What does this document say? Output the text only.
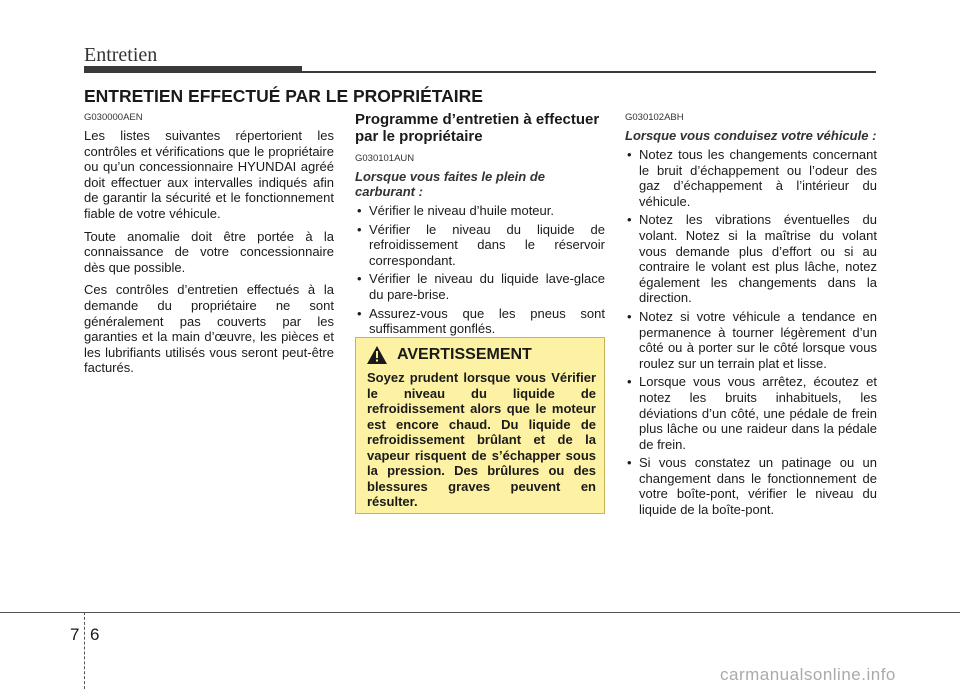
Entretien
ENTRETIEN EFFECTUÉ PAR LE PROPRIÉTAIRE
G030000AEN

Les listes suivantes répertorient les contrôles et vérifications que le propriétaire ou qu’un concessionnaire HYUNDAI agréé doit effectuer aux intervalles indiqués afin de garantir la sécurité et le fonctionnement fiable de votre véhicule.

Toute anomalie doit être portée à la connaissance de votre concessionnaire dès que possible.

Ces contrôles d’entretien effectués à la demande du propriétaire ne sont généralement pas couverts par les garanties et la main d’œuvre, les pièces et les lubrifiants utilisés vous seront peut-être facturés.

Programme d’entretien à effectuer par le propriétaire
G030101AUN
Lorsque vous faites le plein de carburant :
• Vérifier le niveau d’huile moteur.
• Vérifier le niveau du liquide de refroidissement dans le réservoir correspondant.
• Vérifier le niveau du liquide lave-glace du pare-brise.
• Assurez-vous que les pneus sont suffisamment gonflés.
AVERTISSEMENT

Soyez prudent lorsque vous Vérifier le niveau du liquide de refroidissement alors que le moteur est encore chaud. Du liquide de refroidissement brûlant et de la vapeur risquent de s’échapper sous la pression. Des brûlures ou des blessures graves peuvent en résulter.

G030102ABH
Lorsque vous conduisez votre véhicule :
• Notez tous les changements concernant le bruit d’échappement ou l’odeur des gaz d’échappement à l’intérieur du véhicule.
• Notez les vibrations éventuelles du volant. Notez si la maîtrise du volant vous demande plus d’effort ou si au contraire le volant est plus lâche, notez également les changements dans la direction.
• Notez si votre véhicule a tendance en permanence à tourner légèrement d’un côté ou à porter sur le côté lorsque vous roulez sur un terrain plat et lisse.
• Lorsque vous vous arrêtez, écoutez et notez les bruits inhabituels, les déviations d’un côté, une pédale de frein plus lâche ou une raideur dans la pédale de frein.
• Si vous constatez un patinage ou un changement dans le fonctionnement de votre boîte-pont, vérifier le niveau du liquide de la boîte-pont.
7 6
carmanualsonline.info
